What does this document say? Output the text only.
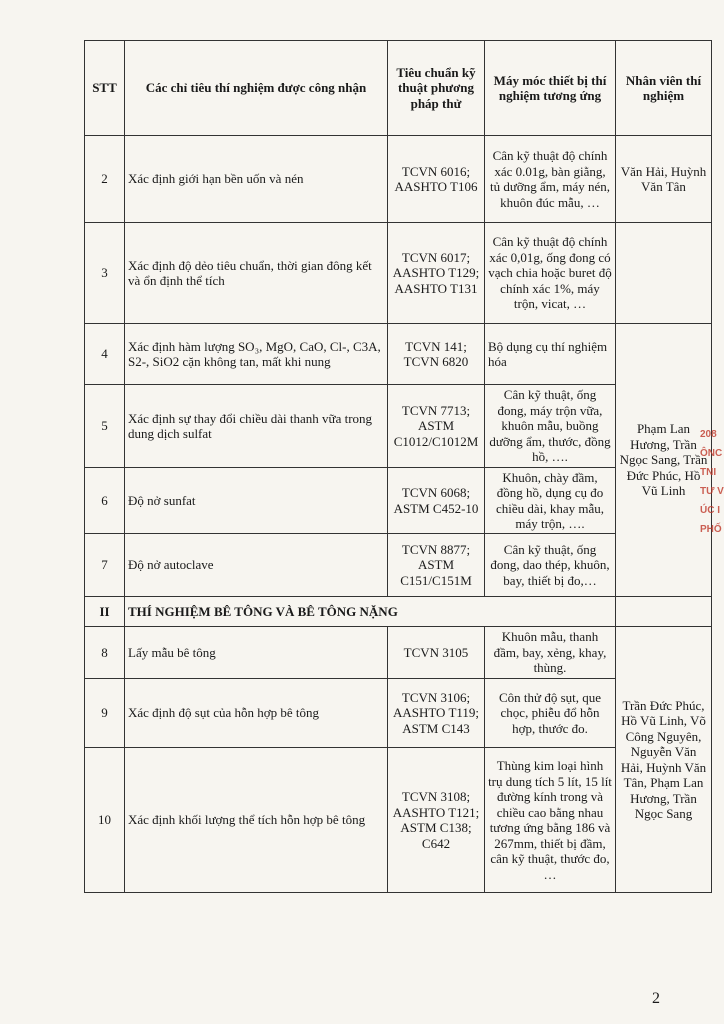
STT	Các chỉ tiêu thí nghiệm được công nhận	Tiêu chuẩn kỹ thuật phương pháp thử	Máy móc thiết bị thí nghiệm tương ứng	Nhân viên thí nghiệm
2	Xác định giới hạn bền uốn và nén	TCVN 6016; AASHTO T106	Cân kỹ thuật độ chính xác 0.01g, bàn giằng, tủ dưỡng ẩm, máy nén, khuôn đúc mẫu, …	Văn Hải, Huỳnh Văn Tân
3	Xác định độ dẻo tiêu chuẩn, thời gian đông kết và ổn định thể tích	TCVN 6017; AASHTO T129; AASHTO T131	Cân kỹ thuật độ chính xác 0,01g, ống đong có vạch chia hoặc buret độ chính xác 1%, máy trộn, vicat, …	
4	Xác định hàm lượng SO₃, MgO, CaO, Cl-, C3A, S2-, SiO2 cặn không tan, mất khi nung	TCVN 141; TCVN 6820	Bộ dụng cụ thí nghiệm hóa	Phạm Lan Hương, Trần Ngọc Sang, Trần Đức Phúc, Hồ Vũ Linh
5	Xác định sự thay đổi chiều dài thanh vữa trong dung dịch sulfat	TCVN 7713; ASTM C1012/C1012M	Cân kỹ thuật, ống đong, máy trộn vữa, khuôn mẫu, buồng dưỡng ẩm, thước, đồng hồ, ….	
6	Độ nở sunfat	TCVN 6068; ASTM C452-10	Khuôn, chày đầm, đồng hồ, dụng cụ đo chiều dài, khay mẫu, máy trộn, ….	
7	Độ nở autoclave	TCVN 8877; ASTM C151/C151M	Cân kỹ thuật, ống đong, dao thép, khuôn, bay, thiết bị đo,…	
II	THÍ NGHIỆM BÊ TÔNG VÀ BÊ TÔNG NẶNG			
8	Lấy mẫu bê tông	TCVN 3105	Khuôn mẫu, thanh đầm, bay, xẻng, khay, thùng.	Trần Đức Phúc, Hồ Vũ Linh, Võ Công Nguyên, Nguyễn Văn Hải, Huỳnh Văn Tân, Phạm Lan Hương, Trần Ngọc Sang
9	Xác định độ sụt của hỗn hợp bê tông	TCVN 3106; AASHTO T119; ASTM C143	Côn thử độ sụt, que chọc, phiễu đổ hỗn hợp, thước đo.	
10	Xác định khối lượng thể tích hỗn hợp bê tông	TCVN 3108; AASHTO T121; ASTM C138; C642	Thùng kim loại hình trụ dung tích 5 lít, 15 lít đường kính trong và chiều cao bằng nhau tương ứng bằng 186 và 267mm, thiết bị đầm, cân kỹ thuật, thước đo, …	
208
ÔNC
TNI
TƯ V
ÚC I
PHỐ
2
